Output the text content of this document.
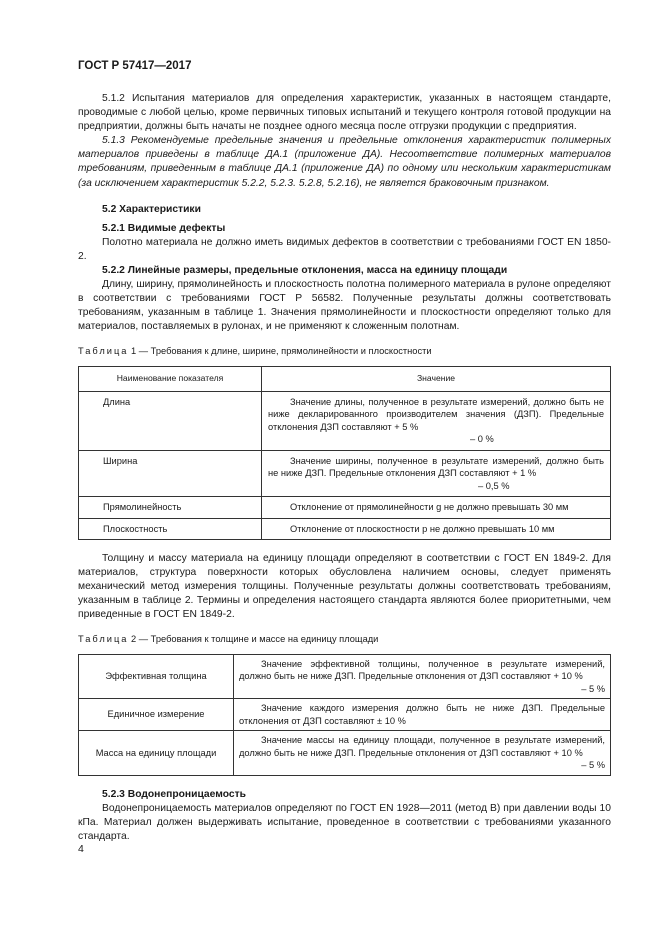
ГОСТ Р 57417—2017

5.1.2 Испытания материалов для определения характеристик, указанных в настоящем стандарте, проводимые с любой целью, кроме первичных типовых испытаний и текущего контроля готовой продукции на предприятии, должны быть начаты не позднее одного месяца после отгрузки продукции с предприятия.

5.1.3 Рекомендуемые предельные значения и предельные отклонения характеристик полимерных материалов приведены в таблице ДА.1 (приложение ДА). Несоответствие полимерных материалов требованиям, приведенным в таблице ДА.1 (приложение ДА) по одному или нескольким характеристикам (за исключением характеристик 5.2.2, 5.2.3. 5.2.8, 5.2.16), не является браковочным признаком.

5.2 Характеристики

5.2.1 Видимые дефекты

Полотно материала не должно иметь видимых дефектов в соответствии с требованиями ГОСТ EN 1850-2.

5.2.2 Линейные размеры, предельные отклонения, масса на единицу площади

Длину, ширину, прямолинейность и плоскостность полотна полимерного материала в рулоне определяют в соответствии с требованиями ГОСТ Р 56582. Полученные результаты должны соответствовать требованиям, указанным в таблице 1. Значения прямолинейности и плоскостности определяют только для материалов, поставляемых в рулонах, и не применяют к сложенным полотнам.

Таблица 1 — Требования к длине, ширине, прямолинейности и плоскостности
Наименование показателя	Значение
Длина	Значение длины, полученное в результате измерений, должно быть не ниже декларированного производителем значения (ДЗП). Предельные отклонения ДЗП составляют + 5 %
– 0 %

Ширина	Значение ширины, полученное в результате измерений, должно быть не ниже ДЗП. Предельные отклонения ДЗП составляют + 1 %
– 0,5 %

Прямолинейность	Отклонение от прямолинейности g не должно превышать 30 мм

Плоскостность	Отклонение от плоскостности p не должно превышать 10 мм

Толщину и массу материала на единицу площади определяют в соответствии с ГОСТ EN 1849-2. Для материалов, структура поверхности которых обусловлена наличием основы, следует применять механический метод измерения толщины. Полученные результаты должны соответствовать требованиям, указанным в таблице 2. Термины и определения настоящего стандарта являются более приоритетными, чем приведенные в ГОСТ EN 1849-2.

Таблица 2 — Требования к толщине и массе на единицу площади
Эффективная толщина	Значение эффективной толщины, полученное в результате измерений, должно быть не ниже ДЗП. Предельные отклонения от ДЗП составляют + 10 %
– 5 %

Единичное измерение	Значение каждого измерения должно быть не ниже ДЗП. Предельные отклонения от ДЗП составляют ± 10 %

Масса на единицу площади	Значение массы на единицу площади, полученное в результате измерений, должно быть не ниже ДЗП. Предельные отклонения от ДЗП составляют + 10 %
– 5 %

5.2.3 Водонепроницаемость

Водонепроницаемость материалов определяют по ГОСТ EN 1928—2011 (метод В) при давлении воды 10 кПа. Материал должен выдерживать испытание, проведенное в соответствии с требованиями указанного стандарта.

4
